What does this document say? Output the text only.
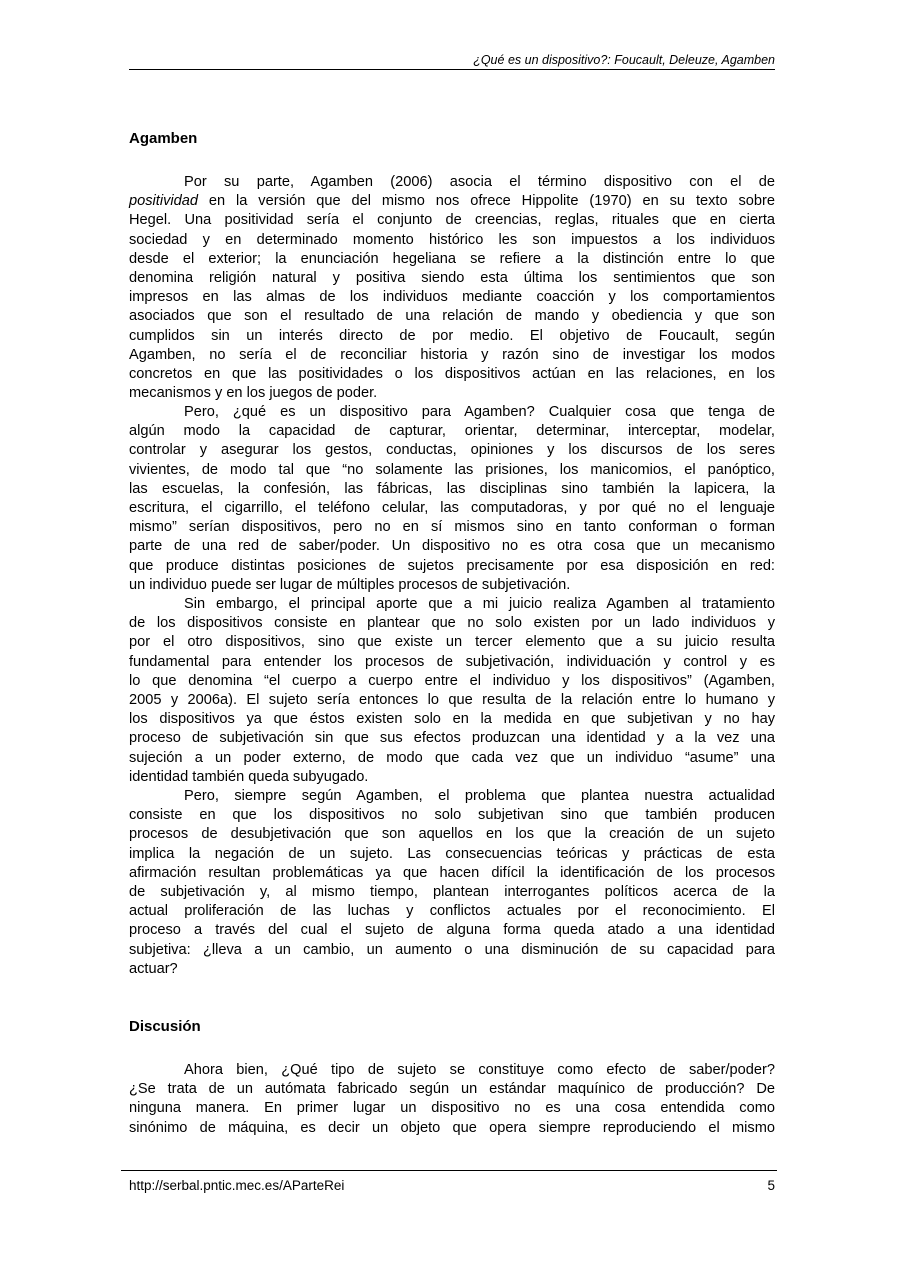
¿Qué es un dispositivo?: Foucault, Deleuze, Agamben
Agamben
Por su parte, Agamben (2006) asocia el término dispositivo con el de
positividad en la versión que del mismo nos ofrece Hippolite (1970) en su texto sobre
Hegel. Una positividad sería el conjunto de creencias, reglas, rituales que en cierta
sociedad y en determinado momento histórico les son impuestos a los individuos
desde el exterior; la enunciación hegeliana se refiere a la distinción entre lo que
denomina religión natural y positiva siendo esta última los sentimientos que son
impresos en las almas de los individuos mediante coacción y los comportamientos
asociados que son el resultado de una relación de mando y obediencia y que son
cumplidos sin un interés directo de por medio. El objetivo de Foucault, según
Agamben, no sería el de reconciliar historia y razón sino de investigar los modos
concretos en que las positividades o los dispositivos actúan en las relaciones, en los
mecanismos y en los juegos de poder.
Pero, ¿qué es un dispositivo para Agamben? Cualquier cosa que tenga de
algún modo la capacidad de capturar, orientar, determinar, interceptar, modelar,
controlar y asegurar los gestos, conductas, opiniones y los discursos de los seres
vivientes, de modo tal que “no solamente las prisiones, los manicomios, el panóptico,
las escuelas, la confesión, las fábricas, las disciplinas sino también la lapicera, la
escritura, el cigarrillo, el teléfono celular, las computadoras, y por qué no el lenguaje
mismo” serían dispositivos, pero no en sí mismos sino en tanto conforman o forman
parte de una red de saber/poder. Un dispositivo no es otra cosa que un mecanismo
que produce distintas posiciones de sujetos precisamente por esa disposición en red:
un individuo puede ser lugar de múltiples procesos de subjetivación.
Sin embargo, el principal aporte que a mi juicio realiza Agamben al tratamiento
de los dispositivos consiste en plantear que no solo existen por un lado individuos y
por el otro dispositivos, sino que existe un tercer elemento que a su juicio resulta
fundamental para entender los procesos de subjetivación, individuación y control y es
lo que denomina “el cuerpo a cuerpo entre el individuo y los dispositivos” (Agamben,
2005 y 2006a). El sujeto sería entonces lo que resulta de la relación entre lo humano y
los dispositivos ya que éstos existen solo en la medida en que subjetivan y no hay
proceso de subjetivación sin que sus efectos produzcan una identidad y a la vez una
sujeción a un poder externo, de modo que cada vez que un individuo “asume” una
identidad también queda subyugado.
Pero, siempre según Agamben, el problema que plantea nuestra actualidad
consiste en que los dispositivos no solo subjetivan sino que también producen
procesos de desubjetivación que son aquellos en los que la creación de un sujeto
implica la negación de un sujeto. Las consecuencias teóricas y prácticas de esta
afirmación resultan problemáticas ya que hacen difícil la identificación de los procesos
de subjetivación y, al mismo tiempo, plantean interrogantes políticos acerca de la
actual proliferación de las luchas y conflictos actuales por el reconocimiento. El
proceso a través del cual el sujeto de alguna forma queda atado a una identidad
subjetiva: ¿lleva a un cambio, un aumento o una disminución de su capacidad para
actuar?
Discusión
Ahora bien, ¿Qué tipo de sujeto se constituye como efecto de saber/poder?
¿Se trata de un autómata fabricado según un estándar maquínico de producción? De
ninguna manera. En primer lugar un dispositivo no es una cosa entendida como
sinónimo de máquina, es decir un objeto que opera siempre reproduciendo el mismo
http://serbal.pntic.mec.es/AParteRei	5
